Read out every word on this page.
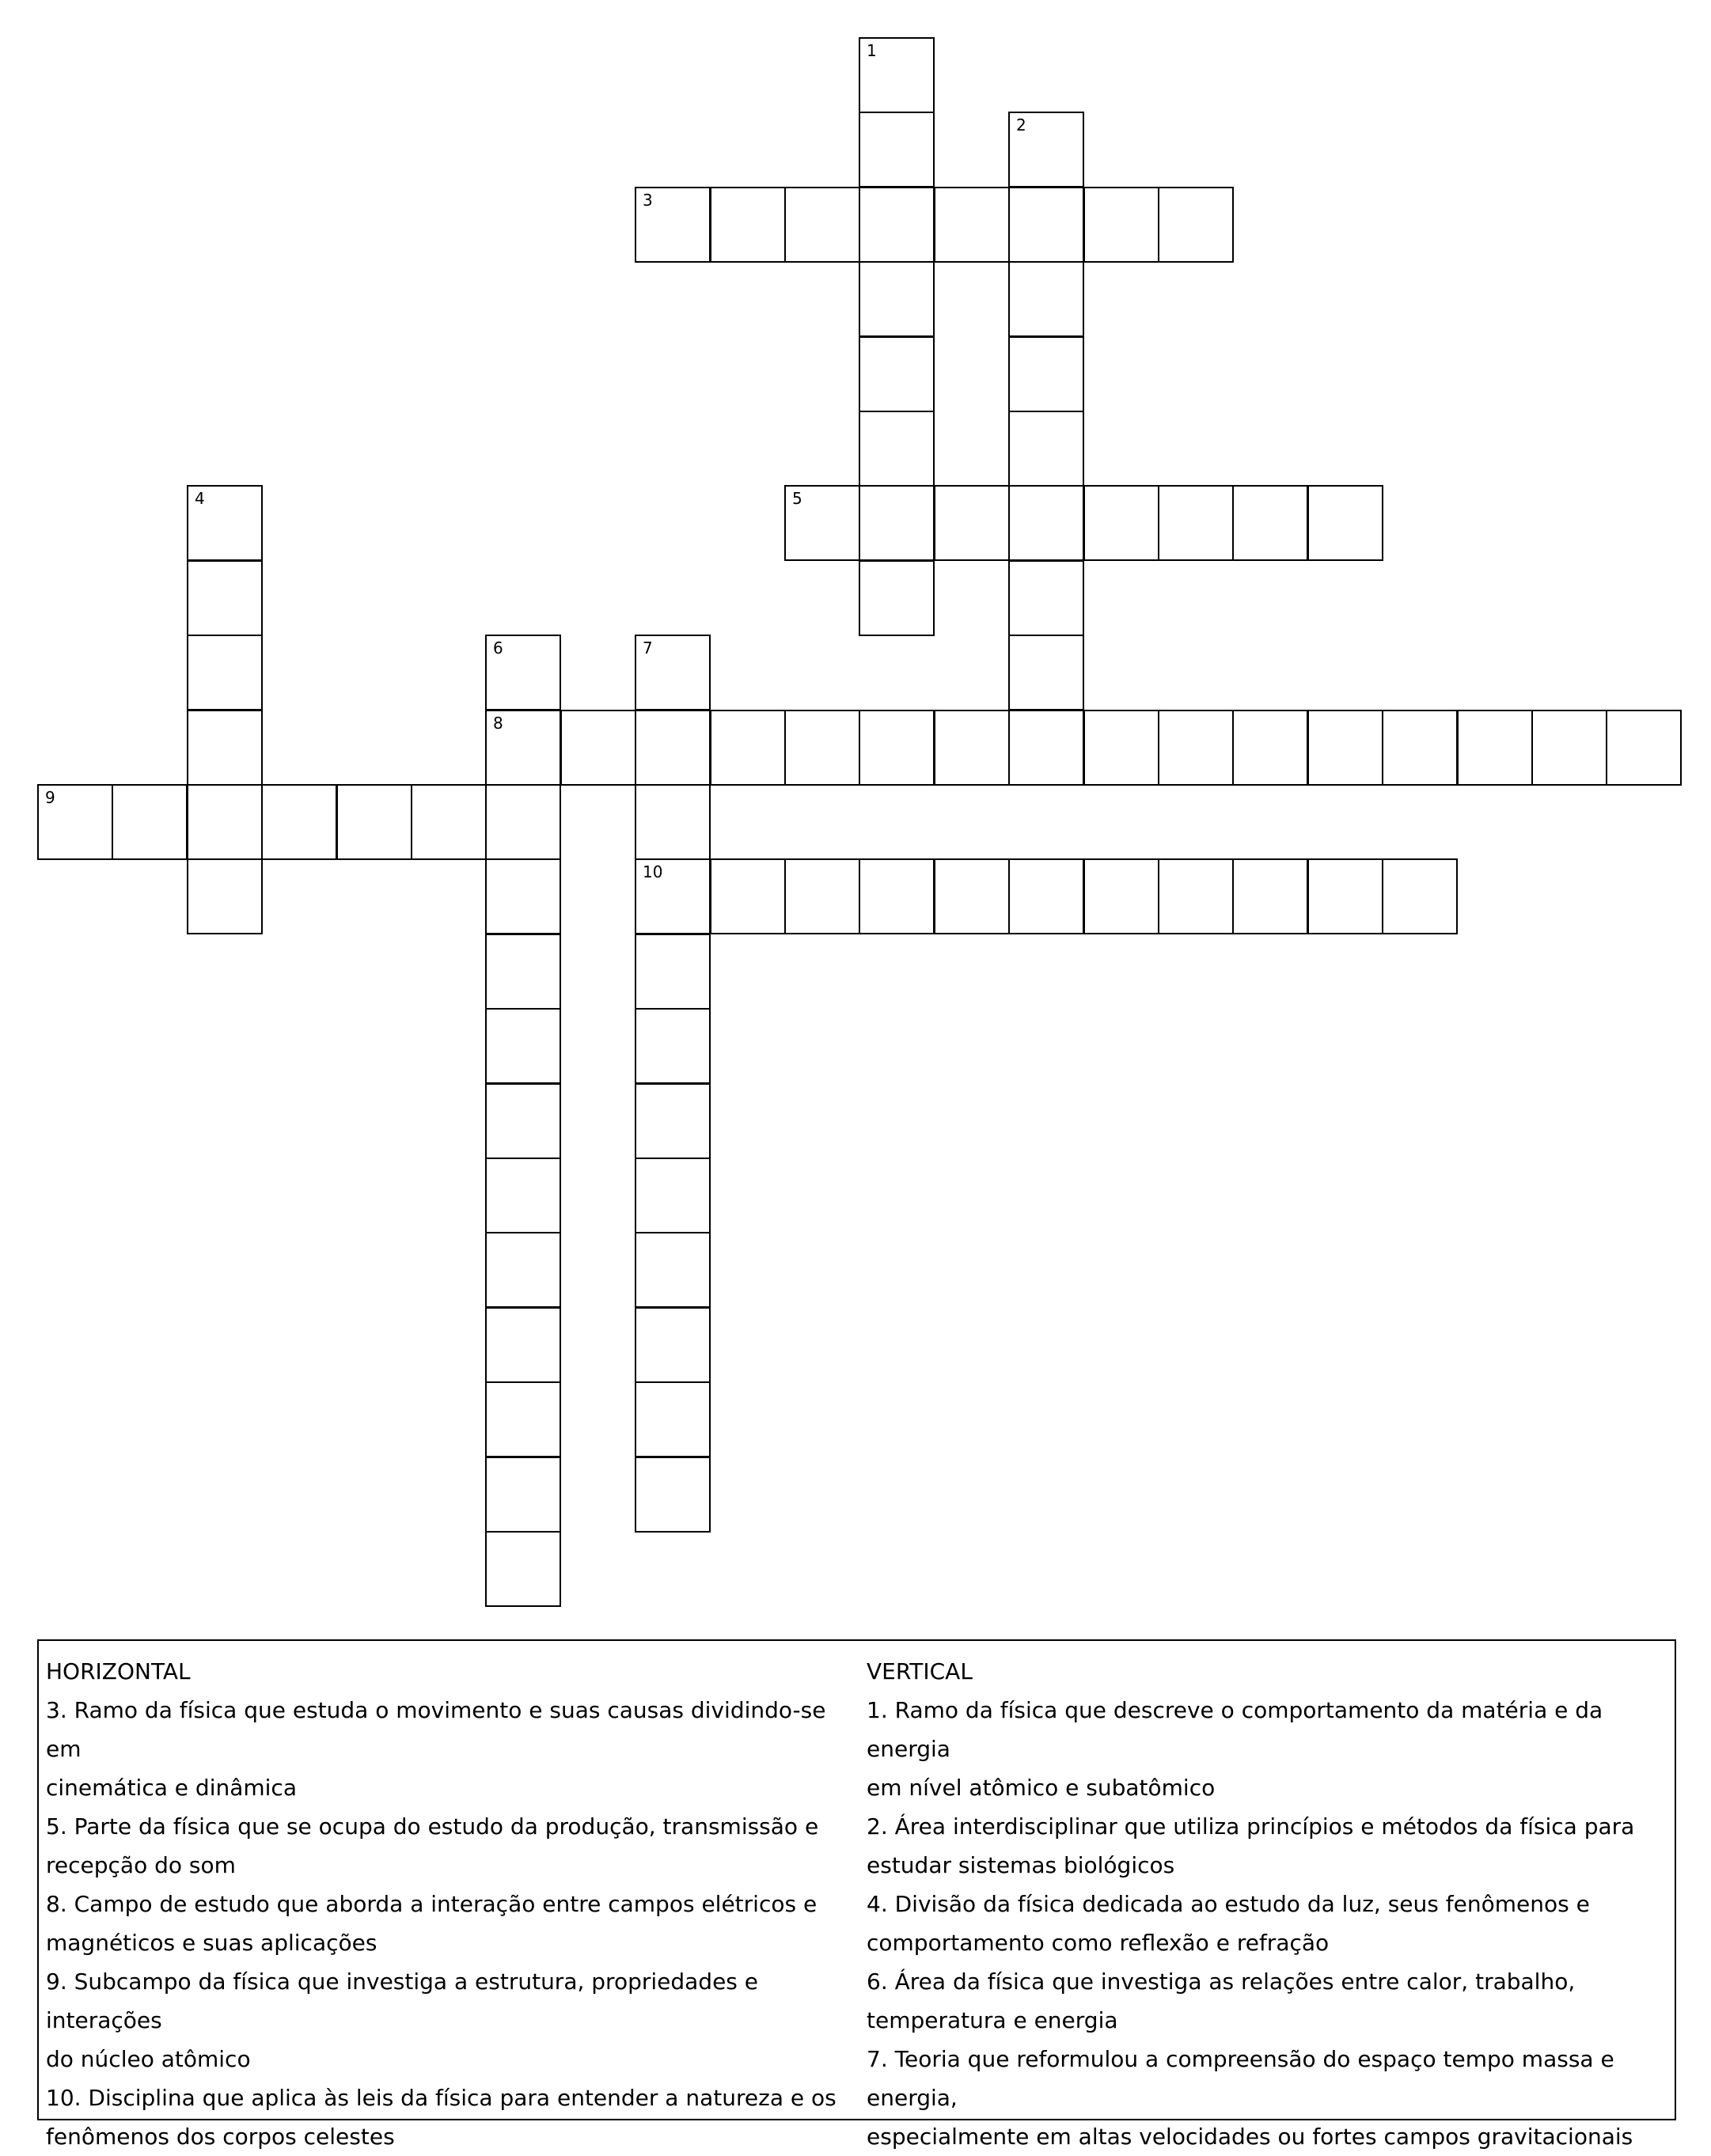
1
2
3
4	5
6
8
7
10
9
HORIZONTAL
3. Ramo da física que estuda o movimento e suas causas dividindo-se em
cinemática e dinâmica
5. Parte da física que se ocupa do estudo da produção, transmissão e
recepção do som
8. Campo de estudo que aborda a interação entre campos elétricos e
magnéticos e suas aplicações
9. Subcampo da física que investiga a estrutura, propriedades e interações
do núcleo atômico
10. Disciplina que aplica às leis da física para entender a natureza e os
fenômenos dos corpos celestes
VERTICAL
1. Ramo da física que descreve o comportamento da matéria e da energia
em nível atômico e subatômico
2. Área interdisciplinar que utiliza princípios e métodos da física para
estudar sistemas biológicos
4. Divisão da física dedicada ao estudo da luz, seus fenômenos e
comportamento como reflexão e refração
6. Área da física que investiga as relações entre calor, trabalho,
temperatura e energia
7. Teoria que reformulou a compreensão do espaço tempo massa e energia,
especialmente em altas velocidades ou fortes campos gravitacionais
